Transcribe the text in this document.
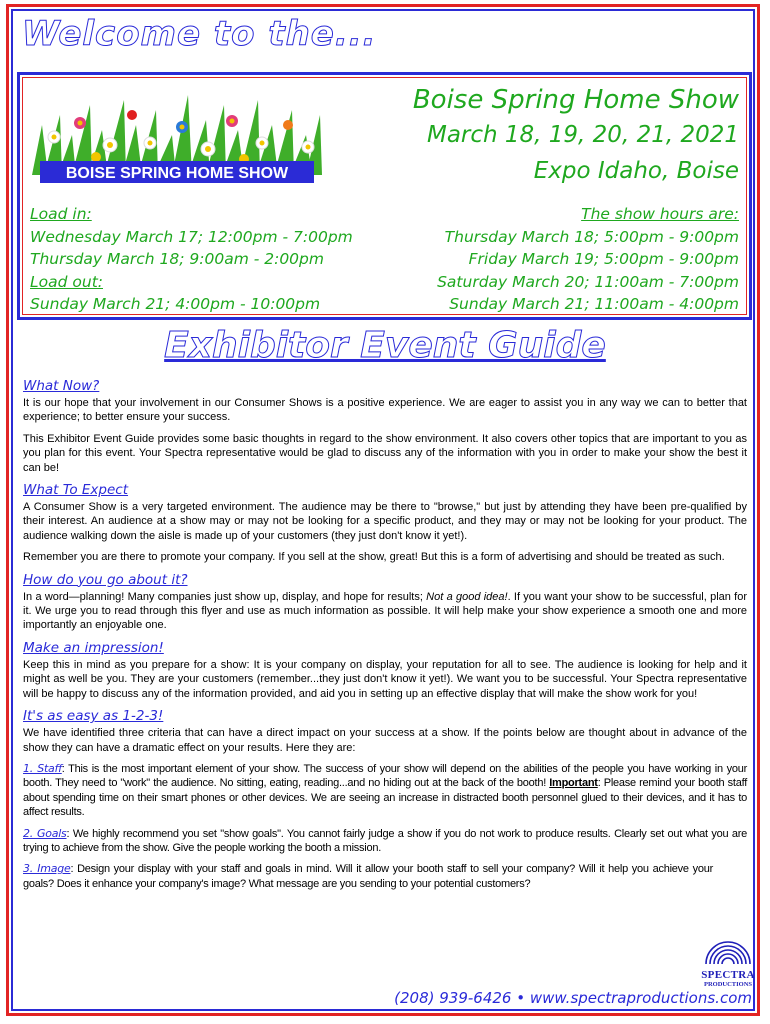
Welcome to the...
BOISE SPRING HOME SHOW
Boise Spring Home Show
March 18, 19, 20, 21, 2021
Expo Idaho, Boise
Load in:
Wednesday March 17; 12:00pm - 7:00pm
Thursday March 18; 9:00am - 2:00pm
Load out:
Sunday March 21; 4:00pm - 10:00pm
The show hours are:
Thursday March 18; 5:00pm - 9:00pm
Friday March 19; 5:00pm - 9:00pm
Saturday March 20; 11:00am - 7:00pm
Sunday March 21; 11:00am - 4:00pm
Exhibitor Event Guide
What Now?

It is our hope that your involvement in our Consumer Shows is a positive experience. We are eager to assist you in any way we can to better that experience; to better ensure your success.

This Exhibitor Event Guide provides some basic thoughts in regard to the show environment. It also covers other topics that are important to you as you plan for this event. Your Spectra representative would be glad to discuss any of the information with you in order to make your show the best it can be!

What To Expect

A Consumer Show is a very targeted environment. The audience may be there to "browse," but just by attending they have been pre-qualified by their interest. An audience at a show may or may not be looking for a specific product, and they may or may not be looking for your product. The audience walking down the aisle is made up of your customers (they just don't know it yet!).

Remember you are there to promote your company. If you sell at the show, great! But this is a form of advertising and should be treated as such.

How do you go about it?

In a word—planning! Many companies just show up, display, and hope for results; Not a good idea!. If you want your show to be successful, plan for it. We urge you to read through this flyer and use as much information as possible. It will help make your show experience a smooth one and more importantly an enjoyable one.

Make an impression!

Keep this in mind as you prepare for a show: It is your company on display, your reputation for all to see. The audience is looking for help and it might as well be you. They are your customers (remember...they just don't know it yet!). We want you to be successful. Your Spectra representative will be happy to discuss any of the information provided, and aid you in setting up an effective display that will make the show work for you!

It's as easy as 1-2-3!

We have identified three criteria that can have a direct impact on your success at a show. If the points below are thought about in advance of the show they can have a dramatic effect on your results. Here they are:

1. Staff: This is the most important element of your show. The success of your show will depend on the abilities of the people you have working in your booth. They need to "work" the audience. No sitting, eating, reading...and no hiding out at the back of the booth! Important: Please remind your booth staff about spending time on their smart phones or other devices. We are seeing an increase in distracted booth personnel glued to their devices, and it has to affect results.

2. Goals: We highly recommend you set "show goals". You cannot fairly judge a show if you do not work to produce results. Clearly set out what you are trying to achieve from the show. Give the people working the booth a mission.

3. Image: Design your display with your staff and goals in mind. Will it allow your booth staff to sell your company? Will it help you achieve your goals? Does it enhance your company's image? What message are you sending to your potential customers?

SPECTRA
PRODUCTIONS
(208) 939-6426 • www.spectraproductions.com
